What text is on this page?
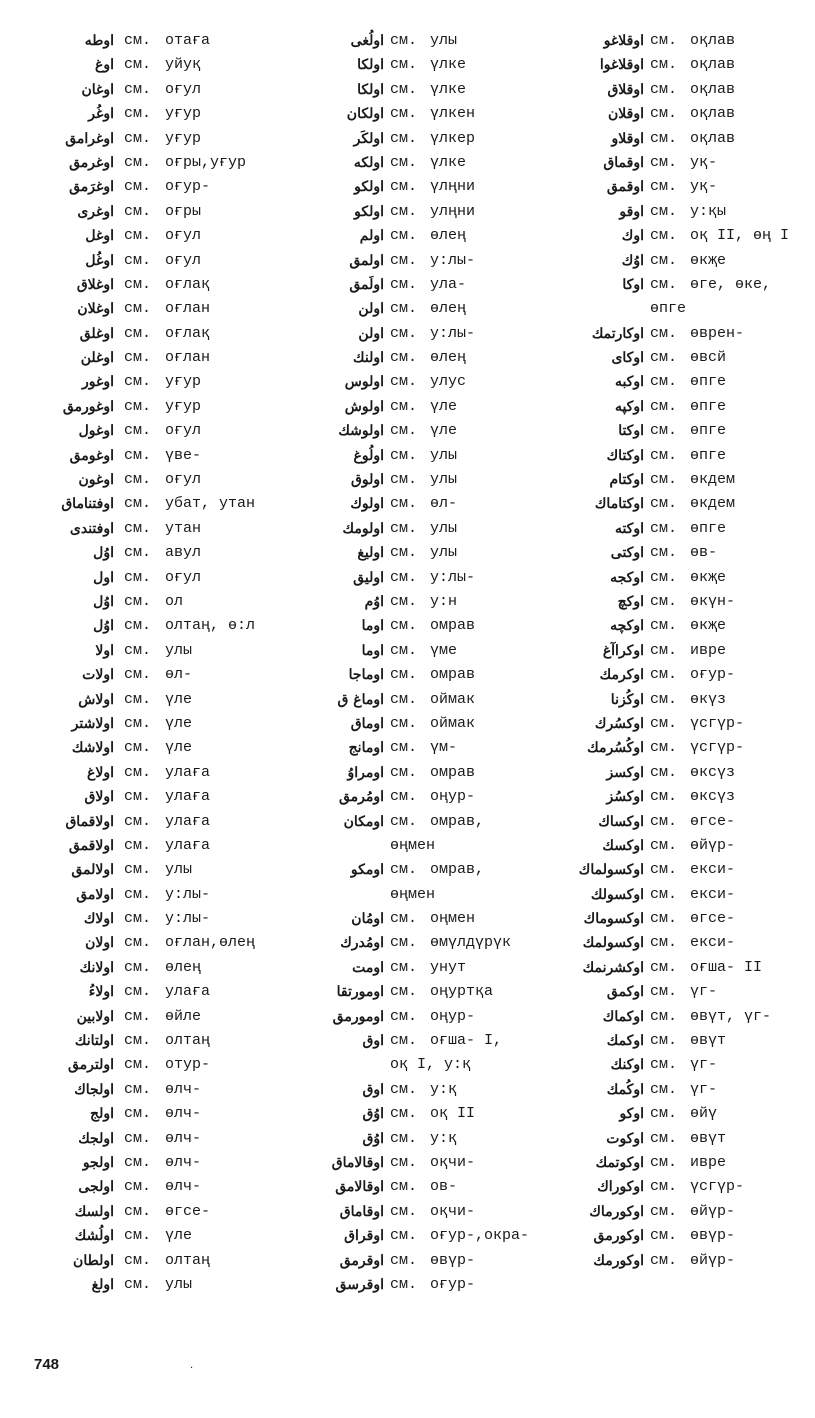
اوطه см. отаға
اوغ см. уйуқ
اوغان см. оғул
اوغُر см. уғур
اوغرامق см. уғур
اوغرمق см. оғры,уғур
اوغرَمق см. оғур-
اوغرى см. оғры
اوغل см. оғул
اوغُل см. оғул
اوغلاق см. оғлақ
اوغلان см. оғлан
اوغلق см. оғлақ
اوغلن см. оғлан
اوغور см. уғур
اوغورمق см. уғур
اوغول см. оғул
اوغومق см. үве-
اوغون см. оғул
اوفتناماق см. убат, утан
اوفتندى см. утан
اوُل см. авул
اول см. оғул
اوُل см. ол
اوُل см. олтаң, ө:л
اولا см. улы
اولات см. өл-
اولاش см. үле
اولاشتر см. үле
اولاشك см. үле
اولاغ см. улаға
اولاق см. улаға
اولاقماق см. улаға
اولاقمق см. улаға
اولالمق см. улы
اولامق см. у:лы-
اولاك см. у:лы-
اولان см. оғлан,өлең
اولانك см. өлең
اولاءُ см. улаға
اولابين см. өйле
اولتانك см. олтаң
اولترمق см. отур-
اولجاك см. өлч-
اولج см. өлч-
اولجك см. өлч-
اولجو см. өлч-
اولجى см. өлч-
اولسك см. өгсе-
اولُشك см. үле
اولطان см. олтаң
اولغ см. улы
اولُغى см. улы
اولكا см. үлке
اولكا см. үлке
اولكان см. үлкен
اولكَر см. үлкер
اولكه см. үлке
اولكو см. үлңни
اولكو см. улңни
اولم см. өлең
اولمق см. у:лы-
اولَمق см. ула-
اولن см. өлең
اولن см. у:лы-
اولنك см. өлең
اولوس см. улус
اولوش см. үле
اولوشك см. үле
اولُوغ см. улы
اولوق см. улы
اولوك см. өл-
اولومك см. улы
اوليغ см. улы
اوليق см. у:лы-
اوُم см. у:н
اوما см. омрав
اوما см. үме
اوماجا см. омрав
اوماغ ق см. оймак
اوماق см. оймак
اومانج см. үм-
اومراوُ см. омрав
اومُرمق см. оңур-
اومكان см. омрав,
өңмен
اومكو см. омрав,
өңмен
اومُان см. оңмен
اومُدرك см. өмүлдүрүк
اومت см. унут
اومورتقا см. оңуртқа
اومورمق см. оңур-
اوق см. оғша- I,
оқ I, у:қ
اوق см. у:қ
اوُق см. оқ II
اوُق см. у:қ
اوقالاماق см. оқчи-
اوقالامق см. ов-
اوقاماق см. оқчи-
اوقراق см. оғур-,окра-
اوقرمق см. өвүр-
اوقرسق см. оғур-
اوقلاغو см. оқлав
اوقلاغوا см. оқлав
اوقلاق см. оқлав
اوقلان см. оқлав
اوقلاو см. оқлав
اوقماق см. уқ-
اوقمق см. уқ-
اوقو см. у:қы
اوك см. оқ II, өң I
اوُك см. өкҗе
اوكا см. өге, өке,
өпге
اوكارتمك см. өврен-
اوكاى см. өвсй
اوكبه см. өпге
اوكپه см. өпге
اوكتا см. өпге
اوكتاك см. өпге
اوكتام см. өкдем
اوكتاماك см. өкдем
اوكته см. өпге
اوكتى см. өв-
اوكجه см. өкҗе
اوكچ см. өкүн-
اوكچه см. өкҗе
اوكراآغ см. ивре
اوكرمك см. оғур-
اوكُزنا см. өкүз
اوكسُرك см. үсгүр-
اوكُسُرمك см. үсгүр-
اوكسز см. өксүз
اوكسُز см. өксүз
اوكساك см. өгсе-
اوكسك см. өйүр-
اوكسولماك см. екси-
اوكسولك см. екси-
اوكسوماك см. өгсе-
اوكسولمك см. екси-
اوكشرنمك см. оғша- II
اوكمق см. үг-
اوكماك см. өвүт, үг-
اوكمك см. өвүт
اوكنك см. үг-
اوكُمك см. үг-
اوكو см. өйү
اوكوت см. өвүт
اوكوتمك см. ивре
اوكوراك см. үсгүр-
اوكورماك см. өйүр-
اوكورمق см. өвүр-
اوكورمك см. өйүр-
748	.
